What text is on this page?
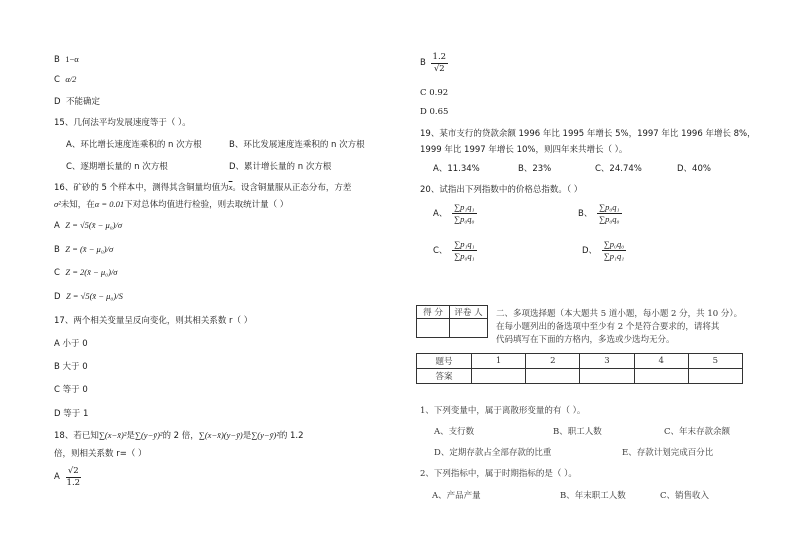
B 1−α
C α/2
D 不能确定
15、几何法平均发展速度等于（ ）。
A、环比增长速度连乘积的 n 次方根	B、环比发展速度连乘积的 n 次方根
C、逐期增长量的 n 次方根	D、累计增长量的 n 次方根
16、矿砂的 5 个样本中，测得其含铜量均值为$\overline{x}$。设含铜量服从正态分布，方差
σ²未知，在α = 0.01下对总体均值进行检验，则去取统计量（ ）
A Z = √5(x̄ − μ₀)/σ
B Z = (x̄ − μ₀)/σ
C Z = 2(x̄ − μ₀)/σ
D Z = √5(x̄ − μ₀)/S
17、两个相关变量呈反向变化，则其相关系数 r（ ）
A 小于 0
B 大于 0
C 等于 0
D 等于 1
18、若已知∑(x−x̄)²是∑(y−ȳ)²的 2 倍，∑(x−x̄)(y−ȳ)是∑(y−ȳ)²的 1.2
倍，则相关系数 r=（ ）
A $\frac{√2}{1.2}$
B $\frac{1.2}{√2}$
C 0.92
D 0.65
19、某市支行的贷款余额 1996 年比 1995 年增长 5%，1997 年比 1996 年增长 8%，
1999 年比 1997 年增长 10%，则四年来共增长（ ）。
A、11.34%	B、23%	C、24.74%	D、40%
20、试指出下列指数中的价格总指数。（ ）
A、 $\frac{\text{∑p₁q₁}}{\text{∑p₀q₀}}$	B、 $\frac{\text{∑p₀q₁}}{\text{∑p₀q₀}}$
C、 $\frac{\text{∑p₁q₁}}{\text{∑p₀q₁}}$	D、 $\frac{\text{∑p₀q₀}}{\text{∑p₁q₁}}$
得 分	评卷 人
	二、多项选择题（本大题共 5 道小题，每小题 2 分，共 10 分）。
在每小题列出的备选项中至少有 2 个是符合要求的，请将其
代码填写在下面的方格内，多选或少选均无分。
题号	1	2	3	4	5
答案					
1、下列变量中，属于离散形变量的有（ ）。
A、支行数	B、职工人数	C、年末存款余额
D、定期存款占全部存款的比重	E、存款计划完成百分比
2、下列指标中，属于时期指标的是（ ）。
A、产品产量	B、年末职工人数	C、销售收入
